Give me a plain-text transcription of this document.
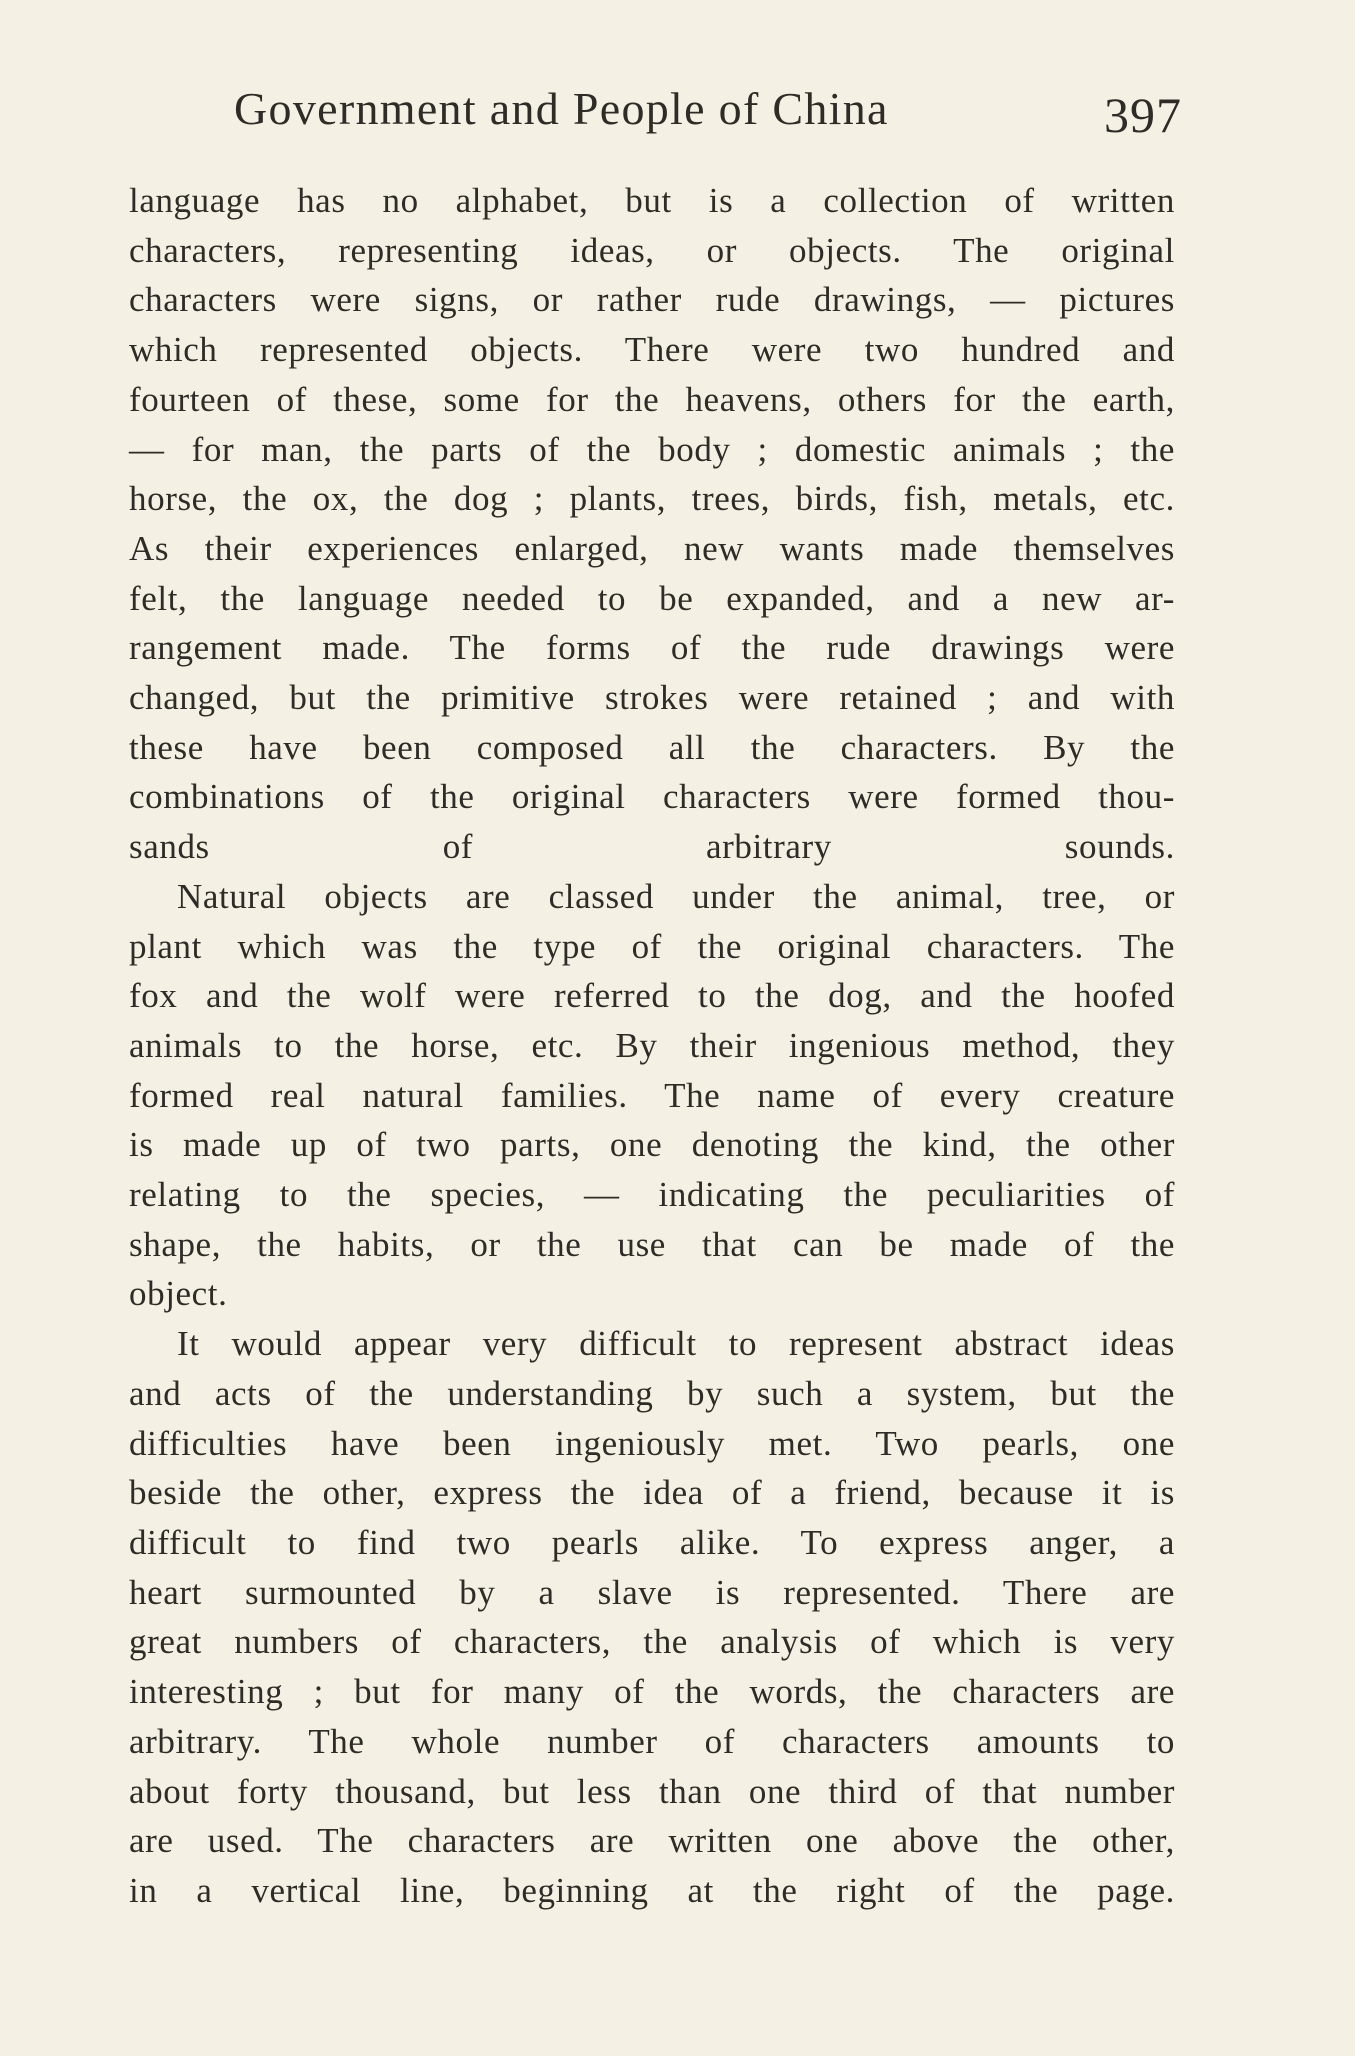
Government and People of China	397

language has no alphabet, but is a collection of written
characters, representing ideas, or objects. The original
characters were signs, or rather rude drawings, — pictures
which represented objects. There were two hundred and
fourteen of these, some for the heavens, others for the earth,
— for man, the parts of the body ; domestic animals ; the
horse, the ox, the dog ; plants, trees, birds, fish, metals, etc.
As their experiences enlarged, new wants made themselves
felt, the language needed to be expanded, and a new ar-
rangement made. The forms of the rude drawings were
changed, but the primitive strokes were retained ; and with
these have been composed all the characters. By the
combinations of the original characters were formed thou-
sands of arbitrary sounds.

Natural objects are classed under the animal, tree, or
plant which was the type of the original characters. The
fox and the wolf were referred to the dog, and the hoofed
animals to the horse, etc. By their ingenious method, they
formed real natural families. The name of every creature
is made up of two parts, one denoting the kind, the other
relating to the species, — indicating the peculiarities of
shape, the habits, or the use that can be made of the
object.

It would appear very difficult to represent abstract ideas
and acts of the understanding by such a system, but the
difficulties have been ingeniously met. Two pearls, one
beside the other, express the idea of a friend, because it is
difficult to find two pearls alike. To express anger, a
heart surmounted by a slave is represented. There are
great numbers of characters, the analysis of which is very
interesting ; but for many of the words, the characters are
arbitrary. The whole number of characters amounts to
about forty thousand, but less than one third of that number
are used. The characters are written one above the other,
in a vertical line, beginning at the right of the page.
